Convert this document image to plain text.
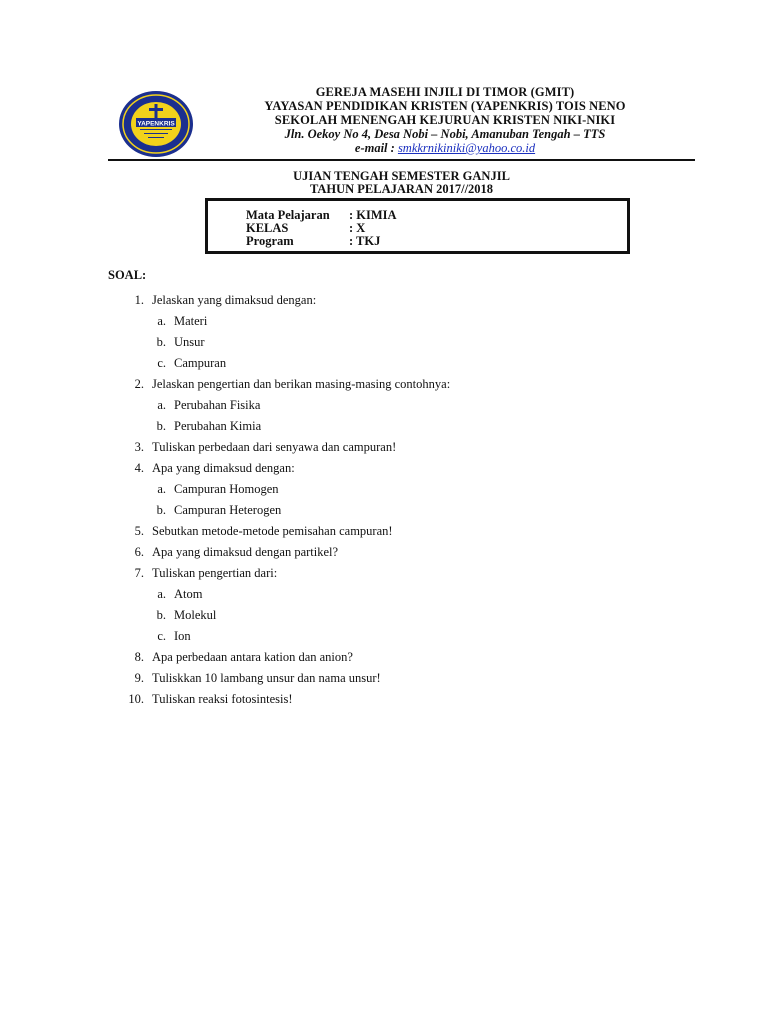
YAPENKRIS
GEREJA MASEHI INJILI DI TIMOR (GMIT)
YAYASAN PENDIDIKAN KRISTEN (YAPENKRIS) TOIS NENO
SEKOLAH MENENGAH KEJURUAN KRISTEN NIKI-NIKI
Jln. Oekoy No 4, Desa Nobi – Nobi, Amanuban Tengah – TTS
e-mail : smkkrnikiniki@yahoo.co.id
UJIAN TENGAH SEMESTER GANJIL
TAHUN PELAJARAN 2017//2018
Mata Pelajaran : KIMIA
KELAS	: X
Program	: TKJ
SOAL:
1. Jelaskan yang dimaksud dengan:
a. Materi
b. Unsur
c. Campuran
2. Jelaskan pengertian dan berikan masing-masing contohnya:
a. Perubahan Fisika
b. Perubahan Kimia
3. Tuliskan perbedaan dari senyawa dan campuran!
4. Apa yang dimaksud dengan:
a. Campuran Homogen
b. Campuran Heterogen
5. Sebutkan metode-metode pemisahan campuran!
6. Apa yang dimaksud dengan partikel?
7. Tuliskan pengertian dari:
a. Atom
b. Molekul
c. Ion
8. Apa perbedaan antara kation dan anion?
9. Tuliskkan 10 lambang unsur dan nama unsur!
10. Tuliskan reaksi fotosintesis!
